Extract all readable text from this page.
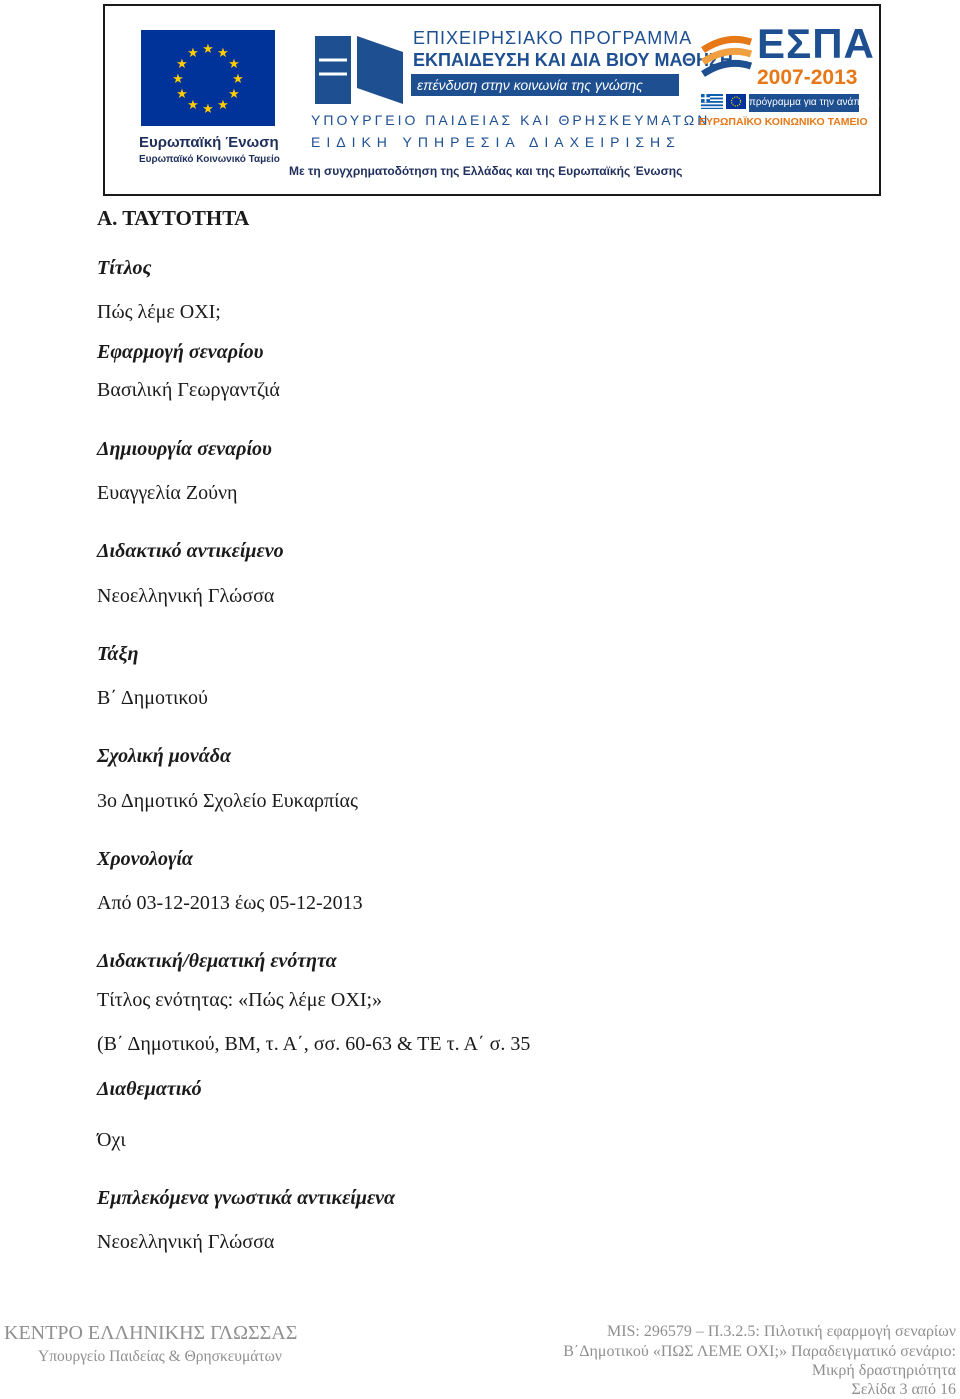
★ ★
★
★
★
★
★
★
★
★
★
★
Ευρωπαϊκή Ένωση
Ευρωπαϊκό Κοινωνικό Ταμείο
ΕΠΙΧΕΙΡΗΣΙΑΚΟ ΠΡΟΓΡΑΜΜΑ
ΕΚΠΑΙΔΕΥΣΗ ΚΑΙ ΔΙΑ ΒΙΟΥ ΜΑΘΗΣΗ
επένδυση στην κοινωνία της γνώσης
ΥΠΟΥΡΓΕΙΟ ΠΑΙΔΕΙΑΣ ΚΑΙ ΘΡΗΣΚΕΥΜΑΤΩΝ
ΕΙΔΙΚΗ ΥΠΗΡΕΣΙΑ ΔΙΑΧΕΙΡΙΣΗΣ
Με τη συγχρηματοδότηση της Ελλάδας και της Ευρωπαϊκής Ένωσης
ΕΣΠΑ
2007-2013
πρόγραμμα για την ανάπτυξη
ΕΥΡΩΠΑΪΚΟ ΚΟΙΝΩΝΙΚΟ ΤΑΜΕΙΟ
Α. ΤΑΥΤΟΤΗΤΑ
Τίτλος
Πώς λέμε ΟΧΙ;
Εφαρμογή σεναρίου
Βασιλική Γεωργαντζιά
Δημιουργία σεναρίου
Ευαγγελία Ζούνη
Διδακτικό αντικείμενο
Νεοελληνική Γλώσσα
Τάξη
Β΄ Δημοτικού
Σχολική μονάδα
3ο Δημοτικό Σχολείο Ευκαρπίας
Χρονολογία
Από 03-12-2013 έως 05-12-2013
Διδακτική/θεματική ενότητα
Τίτλος ενότητας: «Πώς λέμε ΟΧΙ;»
(Β΄ Δημοτικού, ΒΜ, τ. Α΄, σσ. 60-63 & ΤΕ τ. Α΄ σ. 35
Διαθεματικό
Όχι
Εμπλεκόμενα γνωστικά αντικείμενα
Νεοελληνική Γλώσσα
ΚΕΝΤΡΟ ΕΛΛΗΝΙΚΗΣ ΓΛΩΣΣΑΣ
Υπουργείο Παιδείας & Θρησκευμάτων
MIS: 296579 – Π.3.2.5: Πιλοτική εφαρμογή σεναρίων
Β΄Δημοτικού «ΠΩΣ ΛΕΜΕ ΟΧΙ;» Παραδειγματικό σενάριο:
Μικρή δραστηριότητα
Σελίδα 3 από 16
